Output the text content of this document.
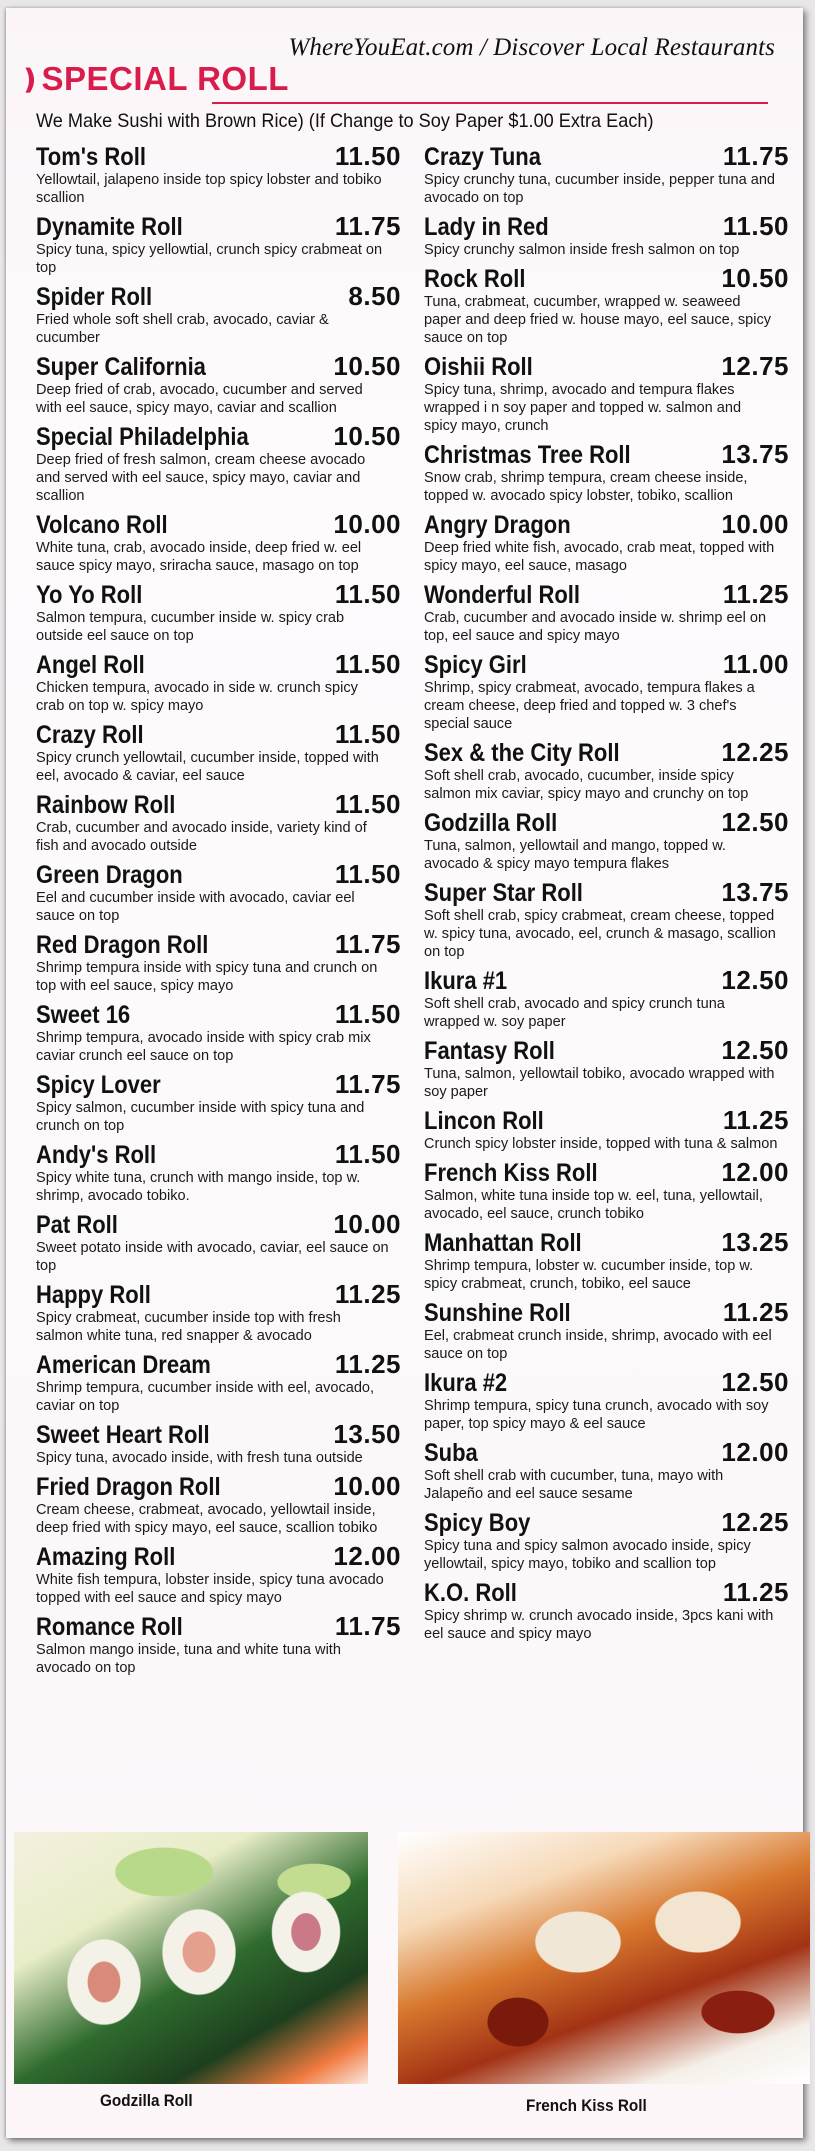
WhereYouEat.com / Discover Local Restaurants
❫ SPECIAL ROLL
We Make Sushi with Brown Rice) (If Change to Soy Paper $1.00 Extra Each)
Tom's Roll	11.50
Yellowtail, jalapeno inside top spicy lobster and tobiko scallion
Dynamite Roll	11.75
Spicy tuna, spicy yellowtial, crunch spicy crabmeat on top
Spider Roll	8.50
Fried whole soft shell crab, avocado, caviar & cucumber
Super California	10.50
Deep fried of crab, avocado, cucumber and served with eel sauce, spicy mayo, caviar and scallion
Special Philadelphia	10.50
Deep fried of fresh salmon, cream cheese avocado and served with eel sauce, spicy mayo, caviar and scallion
Volcano Roll	10.00
White tuna, crab, avocado inside, deep fried w. eel sauce spicy mayo, sriracha sauce, masago on top
Yo Yo Roll	11.50
Salmon tempura, cucumber inside w. spicy crab outside eel sauce on top
Angel Roll	11.50
Chicken tempura, avocado in side w. crunch spicy crab on top w. spicy mayo
Crazy Roll	11.50
Spicy crunch yellowtail, cucumber inside, topped with eel, avocado & caviar, eel sauce
Rainbow Roll	11.50
Crab, cucumber and avocado inside, variety kind of fish and avocado outside
Green Dragon	11.50
Eel and cucumber inside with avocado, caviar eel sauce on top
Red Dragon Roll	11.75
Shrimp tempura inside with spicy tuna and crunch on top with eel sauce, spicy mayo
Sweet 16	11.50
Shrimp tempura, avocado inside with spicy crab mix caviar crunch eel sauce on top
Spicy Lover	11.75
Spicy salmon, cucumber inside with spicy tuna and crunch on top
Andy's Roll	11.50
Spicy white tuna, crunch with mango inside, top w. shrimp, avocado tobiko.
Pat Roll	10.00
Sweet potato inside with avocado, caviar, eel sauce on top
Happy Roll	11.25
Spicy crabmeat, cucumber inside top with fresh salmon white tuna, red snapper & avocado
American Dream	11.25
Shrimp tempura, cucumber inside with eel, avocado, caviar on top
Sweet Heart Roll	13.50
Spicy tuna, avocado inside, with fresh tuna outside
Fried Dragon Roll	10.00
Cream cheese, crabmeat, avocado, yellowtail inside, deep fried with spicy mayo, eel sauce, scallion tobiko
Amazing Roll	12.00
White fish tempura, lobster inside, spicy tuna avocado topped with eel sauce and spicy mayo
Romance Roll	11.75
Salmon mango inside, tuna and white tuna with avocado on top
Crazy Tuna	11.75
Spicy crunchy tuna, cucumber inside, pepper tuna and avocado on top
Lady in Red	11.50
Spicy crunchy salmon inside fresh salmon on top
Rock Roll	10.50
Tuna, crabmeat, cucumber, wrapped w. seaweed paper and deep fried w. house mayo, eel sauce, spicy sauce on top
Oishii Roll	12.75
Spicy tuna, shrimp, avocado and tempura flakes wrapped i n soy paper and topped w. salmon and spicy mayo, crunch
Christmas Tree Roll	13.75
Snow crab, shrimp tempura, cream cheese inside, topped w. avocado spicy lobster, tobiko, scallion
Angry Dragon	10.00
Deep fried white fish, avocado, crab meat, topped with spicy mayo, eel sauce, masago
Wonderful Roll	11.25
Crab, cucumber and avocado inside w. shrimp eel on top, eel sauce and spicy mayo
Spicy Girl	11.00
Shrimp, spicy crabmeat, avocado, tempura flakes a cream cheese, deep fried and topped w. 3 chef's special sauce
Sex & the City Roll	12.25
Soft shell crab, avocado, cucumber, inside spicy salmon mix caviar, spicy mayo and crunchy on top
Godzilla Roll	12.50
Tuna, salmon, yellowtail and mango, topped w. avocado & spicy mayo tempura flakes
Super Star Roll	13.75
Soft shell crab, spicy crabmeat, cream cheese, topped w. spicy tuna, avocado, eel, crunch & masago, scallion on top
Ikura #1	12.50
Soft shell crab, avocado and spicy crunch tuna wrapped w. soy paper
Fantasy Roll	12.50
Tuna, salmon, yellowtail tobiko, avocado wrapped with soy paper
Lincon Roll	11.25
Crunch spicy lobster inside, topped with tuna & salmon
French Kiss Roll	12.00
Salmon, white tuna inside top w. eel, tuna, yellowtail, avocado, eel sauce, crunch tobiko
Manhattan Roll	13.25
Shrimp tempura, lobster w. cucumber inside, top w. spicy crabmeat, crunch, tobiko, eel sauce
Sunshine Roll	11.25
Eel, crabmeat crunch inside, shrimp, avocado with eel sauce on top
Ikura #2	12.50
Shrimp tempura, spicy tuna crunch, avocado with soy paper, top spicy mayo & eel sauce
Suba	12.00
Soft shell crab with cucumber, tuna, mayo with Jalapeño and eel sauce sesame
Spicy Boy	12.25
Spicy tuna and spicy salmon avocado inside, spicy yellowtail, spicy mayo, tobiko and scallion top
K.O. Roll	11.25
Spicy shrimp w. crunch avocado inside, 3pcs kani with eel sauce and spicy mayo
Godzilla Roll	French Kiss Roll
